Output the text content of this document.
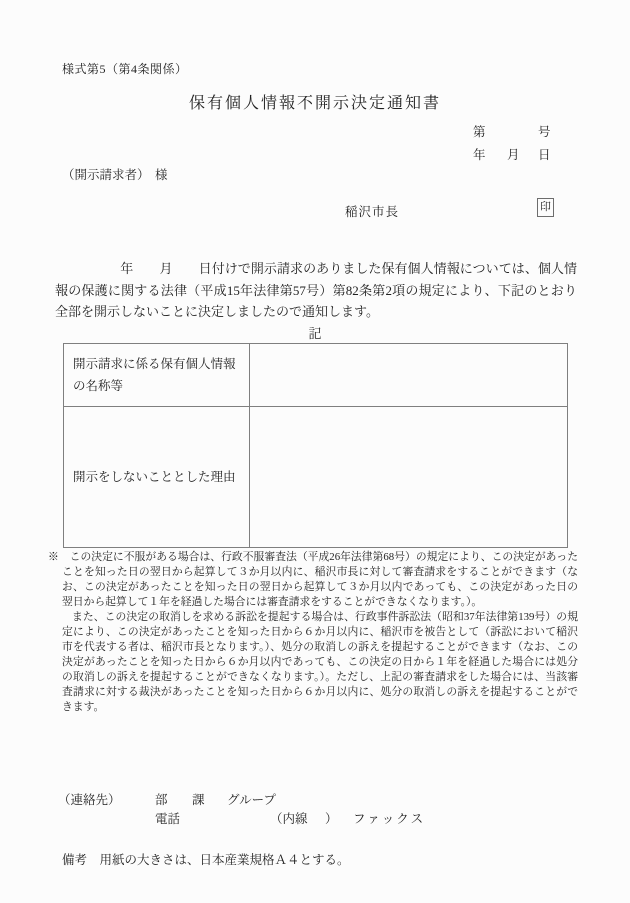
様式第5（第4条関係）
保有個人情報不開示決定通知書
第	号
年 月 日
（開示請求者） 様
稲沢市長	印

　　　　　年　　月　　日付けで開示請求のありました保有個人情報については、個人情報の保護に関する法律（平成15年法律第57号）第82条第2項の規定により、下記のとおり全部を開示しないことに決定しましたので通知します。

記
開示請求に係る保有個人情報の名称等	
開示をしないこととした理由	

※　この決定に不服がある場合は、行政不服審査法（平成26年法律第68号）の規定により、この決定があったことを知った日の翌日から起算して３か月以内に、稲沢市長に対して審査請求をすることができます（なお、この決定があったことを知った日の翌日から起算して３か月以内であっても、この決定があった日の翌日から起算して１年を経過した場合には審査請求をすることができなくなります。）。

また、この決定の取消しを求める訴訟を提起する場合は、行政事件訴訟法（昭和37年法律第139号）の規定により、この決定があったことを知った日から６か月以内に、稲沢市を被告として（訴訟において稲沢市を代表する者は、稲沢市長となります。）、処分の取消しの訴えを提起することができます（なお、この決定があったことを知った日から６か月以内であっても、この決定の日から１年を経過した場合には処分の取消しの訴えを提起することができなくなります。）。ただし、上記の審査請求をした場合には、当該審査請求に対する裁決があったことを知った日から６か月以内に、処分の取消しの訴えを提起することができます。

（連絡先）	部 課 グループ
電話	（内線 ） ファックス
備考　用紙の大きさは、日本産業規格Ａ４とする。
